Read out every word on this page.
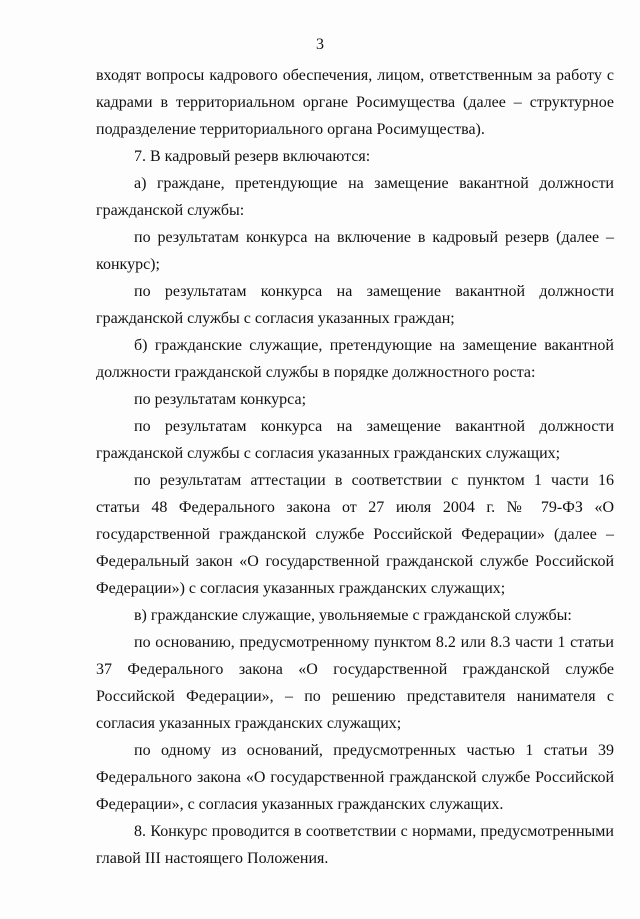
3

входят вопросы кадрового обеспечения, лицом, ответственным за работу с кадрами в территориальном органе Росимущества (далее – структурное подразделение территориального органа Росимущества).

7. В кадровый резерв включаются:

а) граждане, претендующие на замещение вакантной должности гражданской службы:

по результатам конкурса на включение в кадровый резерв (далее – конкурс);

по результатам конкурса на замещение вакантной должности гражданской службы с согласия указанных граждан;

б) гражданские служащие, претендующие на замещение вакантной должности гражданской службы в порядке должностного роста:

по результатам конкурса;

по результатам конкурса на замещение вакантной должности гражданской службы с согласия указанных гражданских служащих;

по результатам аттестации в соответствии с пунктом 1 части 16 статьи 48 Федерального закона от 27 июля 2004 г. № 79-ФЗ «О государственной гражданской службе Российской Федерации» (далее – Федеральный закон «О государственной гражданской службе Российской Федерации») с согласия указанных гражданских служащих;

в) гражданские служащие, увольняемые с гражданской службы:

по основанию, предусмотренному пунктом 8.2 или 8.3 части 1 статьи 37 Федерального закона «О государственной гражданской службе Российской Федерации», – по решению представителя нанимателя с согласия указанных гражданских служащих;

по одному из оснований, предусмотренных частью 1 статьи 39 Федерального закона «О государственной гражданской службе Российской Федерации», с согласия указанных гражданских служащих.

8. Конкурс проводится в соответствии с нормами, предусмотренными главой III настоящего Положения.
